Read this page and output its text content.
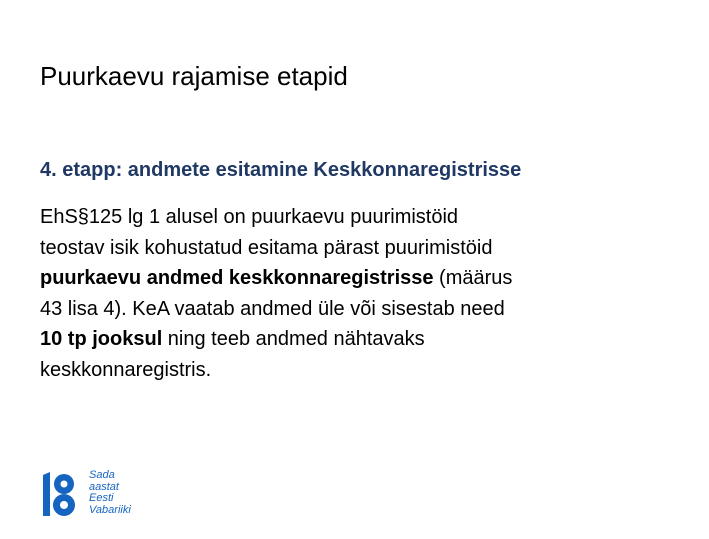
Puurkaevu rajamise etapid
4. etapp: andmete esitamine Keskkonnaregistrisse

EhS§125 lg 1 alusel on puurkaevu puurimistöid
teostav isik kohustatud esitama pärast puurimistöid
puurkaevu andmed keskkonnaregistrisse (määrus
43 lisa 4). KeA vaatab andmed üle või sisestab need
10 tp jooksul ning teeb andmed nähtavaks
keskkonnaregistris.

Sada
aastat
Eesti
Vabariiki
